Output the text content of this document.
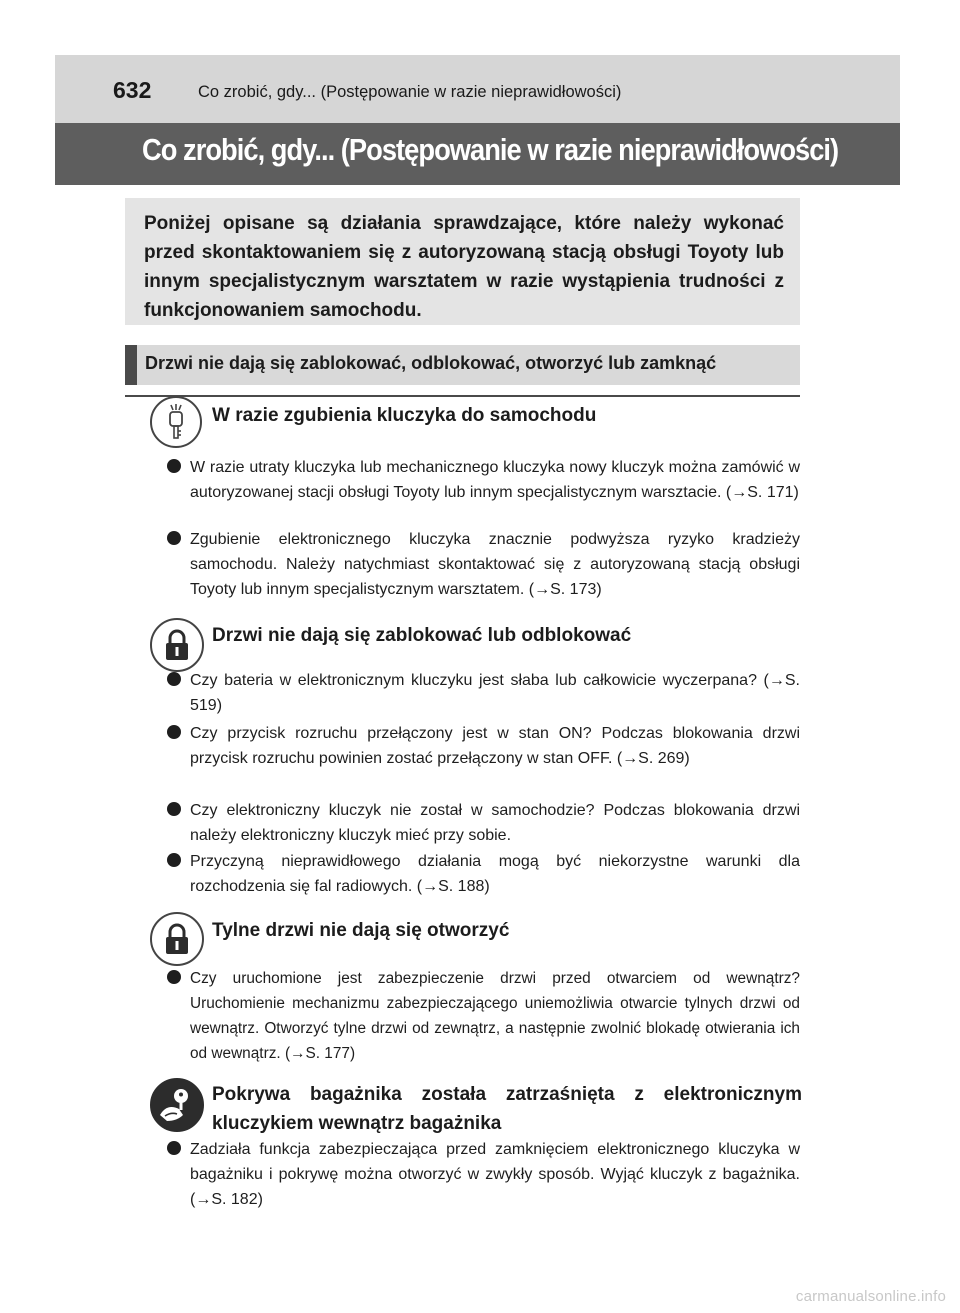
632	Co zrobić, gdy... (Postępowanie w razie nieprawidłowości)
Co zrobić, gdy... (Postępowanie w razie nieprawidłowości)
Poniżej opisane są działania sprawdzające, które należy wykonać przed skontaktowaniem się z autoryzowaną stacją obsługi Toyoty lub innym specjalistycznym warsztatem w razie wystąpienia trudności z funkcjonowaniem samochodu.
Drzwi nie dają się zablokować, odblokować, otworzyć lub zamknąć
W razie zgubienia kluczyka do samochodu
W razie utraty kluczyka lub mechanicznego kluczyka nowy kluczyk można zamówić w autoryzowanej stacji obsługi Toyoty lub innym specjalistycznym warsztacie. (→S. 171)
Zgubienie elektronicznego kluczyka znacznie podwyższa ryzyko kradzieży samochodu. Należy natychmiast skontaktować się z autoryzowaną stacją obsługi Toyoty lub innym specjalistycznym warsztatem. (→S. 173)
Drzwi nie dają się zablokować lub odblokować
Czy bateria w elektronicznym kluczyku jest słaba lub całkowicie wyczerpana? (→S. 519)
Czy przycisk rozruchu przełączony jest w stan ON? Podczas blokowania drzwi przycisk rozruchu powinien zostać przełączony w stan OFF. (→S. 269)
Czy elektroniczny kluczyk nie został w samochodzie? Podczas blokowania drzwi należy elektroniczny kluczyk mieć przy sobie.
Przyczyną nieprawidłowego działania mogą być niekorzystne warunki dla rozchodzenia się fal radiowych. (→S. 188)
Tylne drzwi nie dają się otworzyć
Czy uruchomione jest zabezpieczenie drzwi przed otwarciem od wewnątrz? Uruchomienie mechanizmu zabezpieczającego uniemożliwia otwarcie tylnych drzwi od wewnątrz. Otworzyć tylne drzwi od zewnątrz, a następnie zwolnić blokadę otwierania ich od wewnątrz. (→S. 177)
Pokrywa bagażnika została zatrzaśnięta z elektronicznym kluczykiem wewnątrz bagażnika
Zadziała funkcja zabezpieczająca przed zamknięciem elektronicznego kluczyka w bagażniku i pokrywę można otworzyć w zwykły sposób. Wyjąć kluczyk z bagażnika. (→S. 182)
carmanualsonline.info
